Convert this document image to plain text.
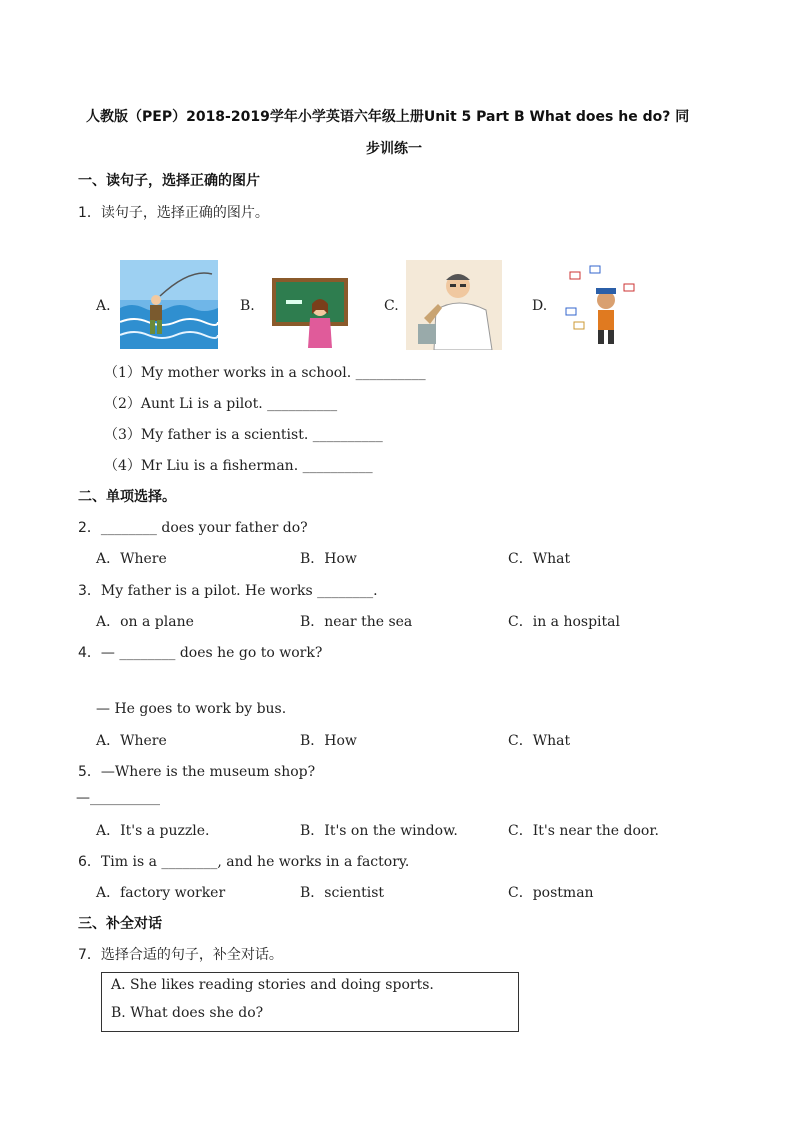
人教版（PEP）2018-2019学年小学英语六年级上册Unit 5 Part B What does he do? 同
步训练一
一、读句子，选择正确的图片
1．读句子，选择正确的图片。
A.	B.	C.	D.
（1）My mother works in a school. __________
（2）Aunt Li is a pilot. __________
（3）My father is a scientist. __________
（4）Mr Liu is a fisherman. __________
二、单项选择。
2．________ does your father do?
A．Where	B．How	C．What
3．My father is a pilot. He works ________.
A．on a plane	B．near the sea	C．in a hospital
4．— ________ does he go to work?
— He goes to work by bus.
A．Where	B．How	C．What
5．—Where is the museum shop?
—__________
A．It's a puzzle.	B．It's on the window.	C．It's near the door.
6．Tim is a ________, and he works in a factory.
A．factory worker	B．scientist	C．postman
三、补全对话
7．选择合适的句子，补全对话。
A. She likes reading stories and doing sports.
B. What does she do?
